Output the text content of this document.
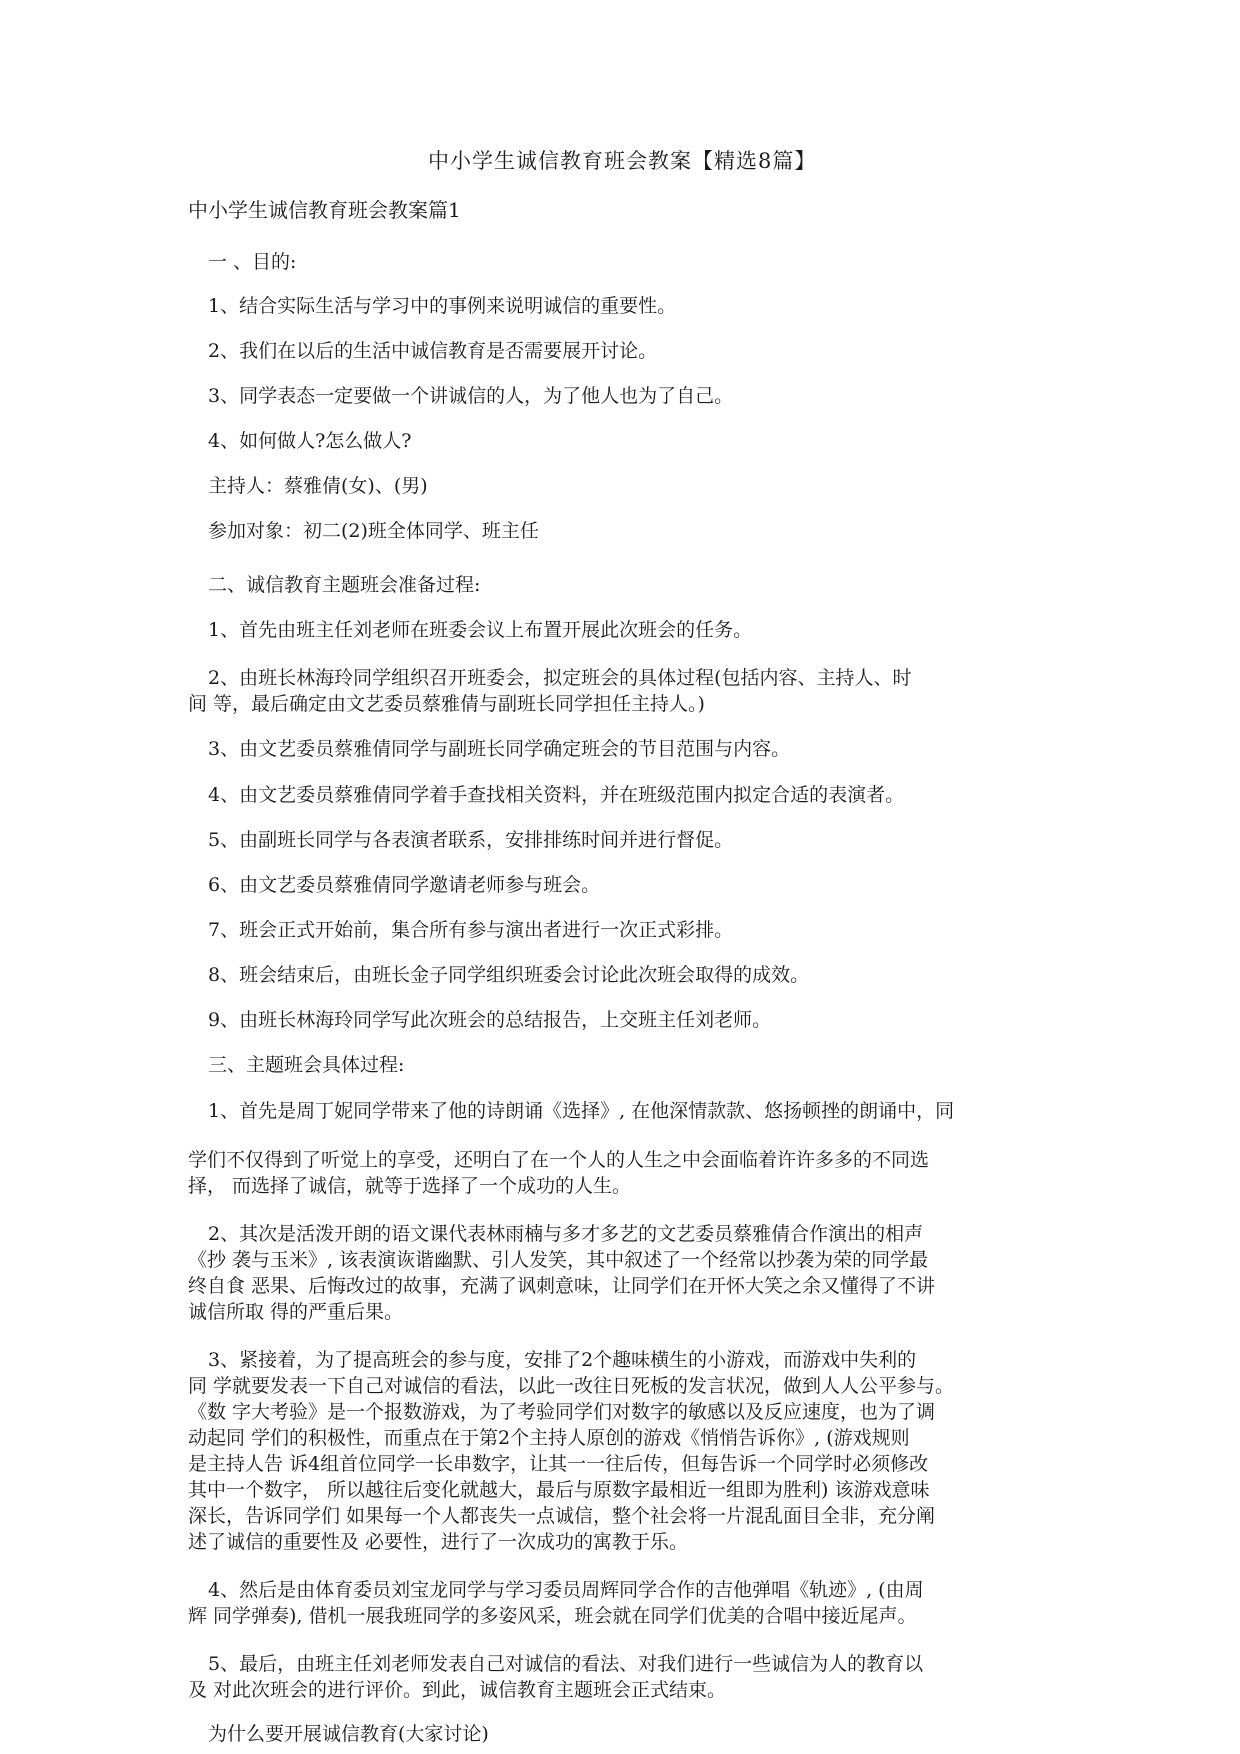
中小学生诚信教育班会教案【精选8篇】
中小学生诚信教育班会教案篇1
一 、目的:
1、结合实际生活与学习中的事例来说明诚信的重要性。
2、我们在以后的生活中诚信教育是否需要展开讨论。
3、同学表态一定要做一个讲诚信的人，为了他人也为了自己。
4、如何做人?怎么做人?
主持人：蔡雅倩(女)、(男)
参加对象：初二(2)班全体同学、班主任
二、诚信教育主题班会准备过程:
1、首先由班主任刘老师在班委会议上布置开展此次班会的任务。
2、由班长林海玲同学组织召开班委会，拟定班会的具体过程(包括内容、主持人、时
间 等，最后确定由文艺委员蔡雅倩与副班长同学担任主持人。)
3、由文艺委员蔡雅倩同学与副班长同学确定班会的节目范围与内容。
4、由文艺委员蔡雅倩同学着手查找相关资料，并在班级范围内拟定合适的表演者。
5、由副班长同学与各表演者联系，安排排练时间并进行督促。
6、由文艺委员蔡雅倩同学邀请老师参与班会。
7、班会正式开始前，集合所有参与演出者进行一次正式彩排。
8、班会结束后，由班长金子同学组织班委会讨论此次班会取得的成效。
9、由班长林海玲同学写此次班会的总结报告，上交班主任刘老师。
三、主题班会具体过程:
1、首先是周丁妮同学带来了他的诗朗诵《选择》, 在他深情款款、悠扬顿挫的朗诵中，同
学们不仅得到了听觉上的享受，还明白了在一个人的人生之中会面临着许许多多的不同选
择， 而选择了诚信，就等于选择了一个成功的人生。
2、其次是活泼开朗的语文课代表林雨楠与多才多艺的文艺委员蔡雅倩合作演出的相声
《抄 袭与玉米》, 该表演诙谐幽默、引人发笑，其中叙述了一个经常以抄袭为荣的同学最
终自食 恶果、后悔改过的故事，充满了讽刺意味，让同学们在开怀大笑之余又懂得了不讲
诚信所取 得的严重后果。
3、紧接着，为了提高班会的参与度，安排了2个趣味横生的小游戏，而游戏中失利的
同 学就要发表一下自己对诚信的看法，以此一改往日死板的发言状况，做到人人公平参与。
《数 字大考验》是一个报数游戏，为了考验同学们对数字的敏感以及反应速度，也为了调
动起同 学们的积极性，而重点在于第2个主持人原创的游戏《悄悄告诉你》, (游戏规则
是主持人告 诉4组首位同学一长串数字，让其一一往后传，但每告诉一个同学时必须修改
其中一个数字， 所以越往后变化就越大，最后与原数字最相近一组即为胜利) 该游戏意味
深长，告诉同学们 如果每一个人都丧失一点诚信，整个社会将一片混乱面目全非，充分阐
述了诚信的重要性及 必要性，进行了一次成功的寓教于乐。
4、然后是由体育委员刘宝龙同学与学习委员周辉同学合作的吉他弹唱《轨迹》, (由周
辉 同学弹奏), 借机一展我班同学的多姿风采，班会就在同学们优美的合唱中接近尾声。
5、最后，由班主任刘老师发表自己对诚信的看法、对我们进行一些诚信为人的教育以
及 对此次班会的进行评价。到此，诚信教育主题班会正式结束。
为什么要开展诚信教育(大家讨论)
